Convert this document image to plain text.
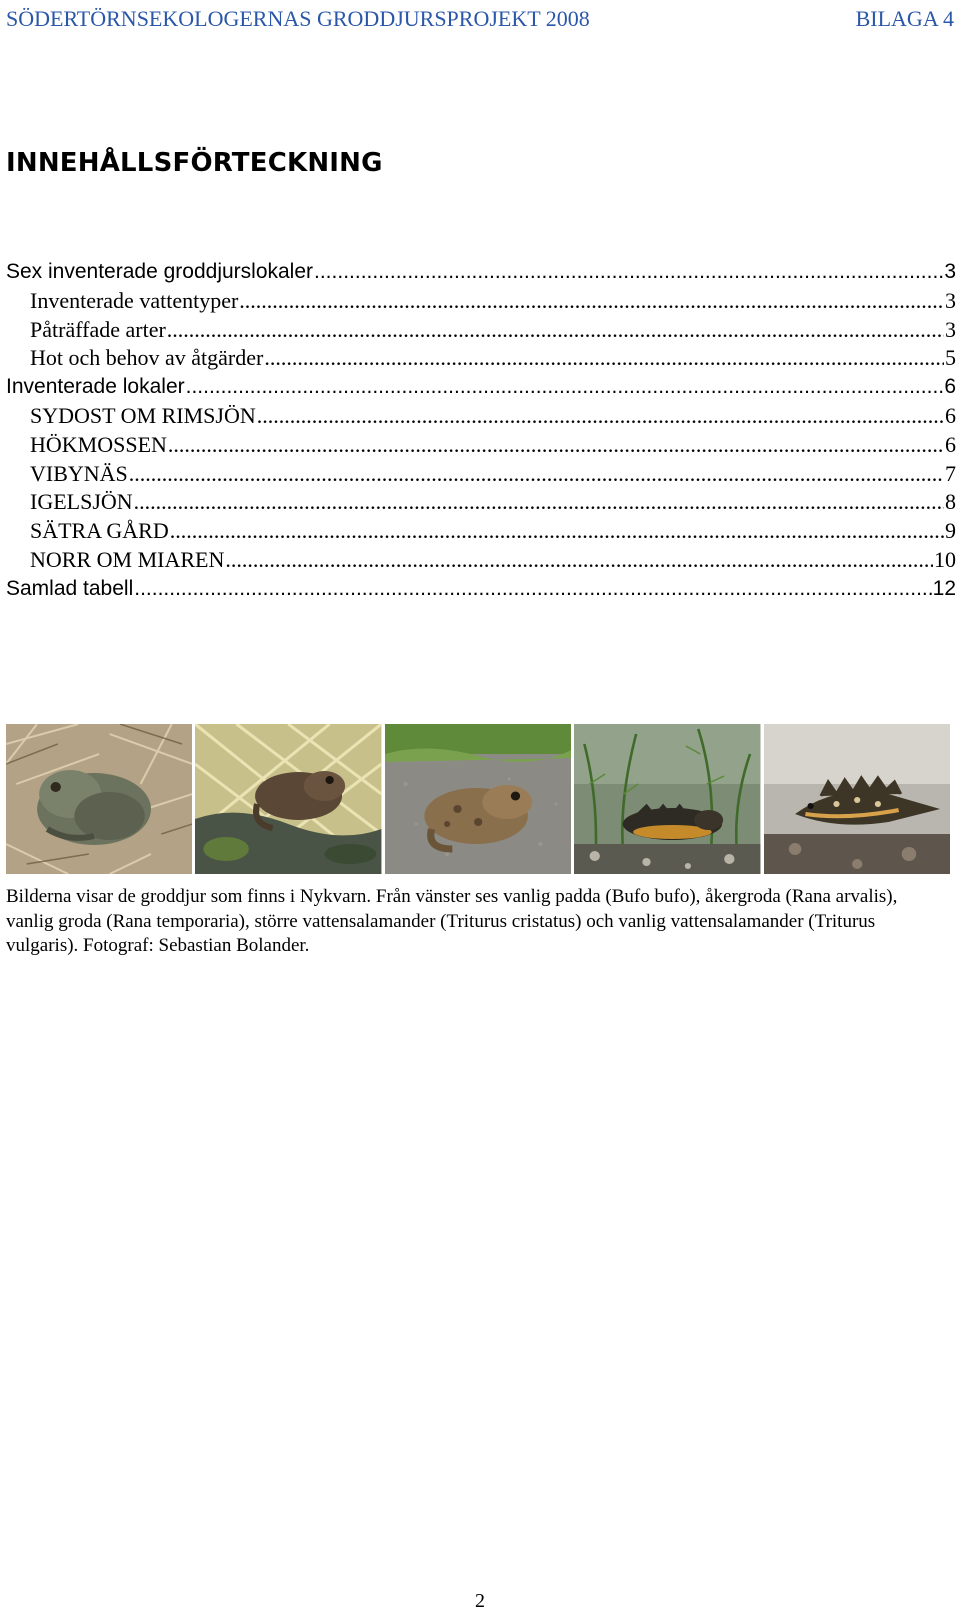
SÖDERTÖRNSEKOLOGERNAS GRODDJURSPROJEKT 2008	BILAGA 4
INNEHÅLLSFÖRTECKNING
Sex inventerade groddjurslokaler .....	3
Inventerade vattentyper .....	3
Påträffade arter .....	3
Hot och behov av åtgärder .....	5
Inventerade lokaler .....	6
SYDOST OM RIMSJÖN .....	6
HÖKMOSSEN .....	6
VIBYNÄS .....	7
IGELSJÖN .....	8
SÄTRA GÅRD .....	9
NORR OM MIAREN .....	10
Samlad tabell .....	12
Bilderna visar de groddjur som finns i Nykvarn. Från vänster ses vanlig padda (Bufo bufo), åkergroda (Rana arvalis), vanlig groda (Rana temporaria), större vattensalamander (Triturus cristatus) och vanlig vattensalamander (Triturus vulgaris). Fotograf: Sebastian Bolander.
2
